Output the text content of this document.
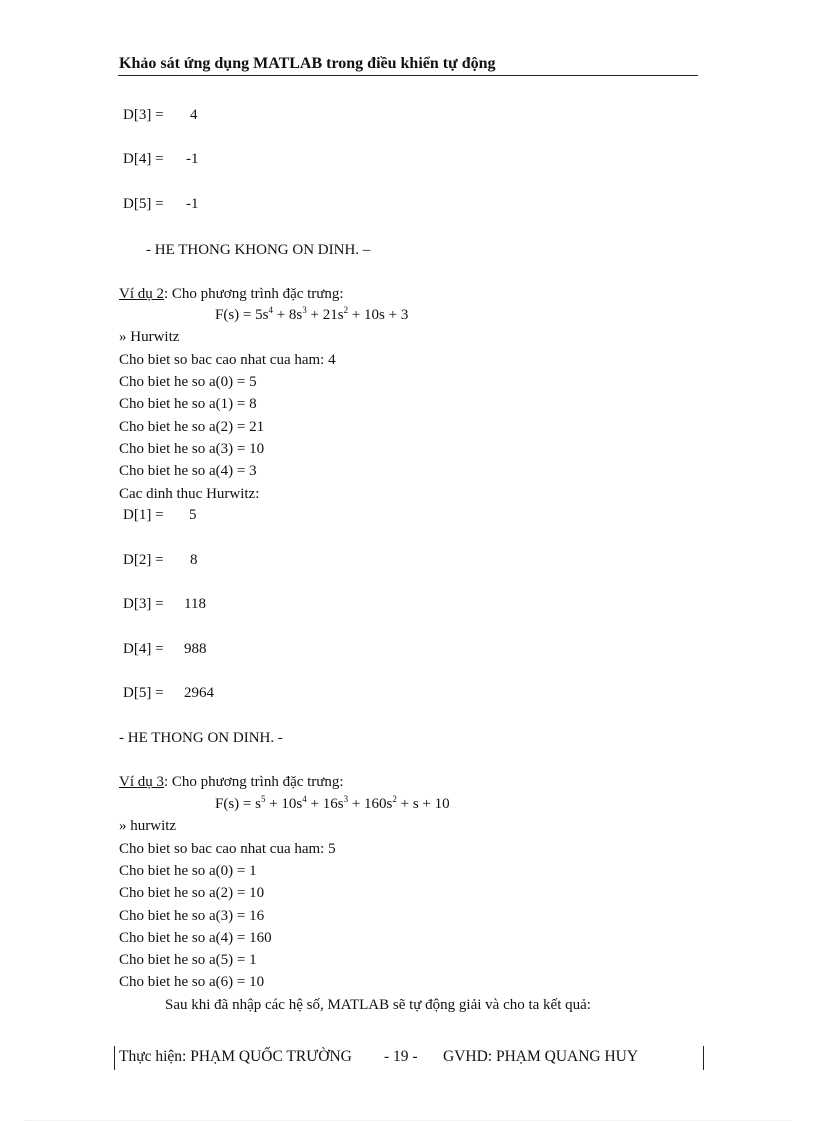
Khảo sát ứng dụng MATLAB trong điều khiển tự động
D[3] = 4
D[4] = -1
D[5] = -1
- HE THONG KHONG ON DINH. –
Ví dụ 2: Cho phương trình đặc trưng:
$F(s) = 5s^4 + 8s^3 + 21s^2 + 10s + 3$
» Hurwitz
Cho biet so bac cao nhat cua ham: 4
Cho biet he so a(0) = 5
Cho biet he so a(1) = 8
Cho biet he so a(2) = 21
Cho biet he so a(3) = 10
Cho biet he so a(4) = 3
Cac dinh thuc Hurwitz:
D[1] = 5
D[2] = 8
D[3] = 118
D[4] = 988
D[5] = 2964
- HE THONG ON DINH. -
Ví dụ 3: Cho phương trình đặc trưng:
$F(s) = s^5 + 10s^4 + 16s^3 + 160s^2 + s + 10$
» hurwitz
Cho biet so bac cao nhat cua ham: 5
Cho biet he so a(0) = 1
Cho biet he so a(2) = 10
Cho biet he so a(3) = 16
Cho biet he so a(4) = 160
Cho biet he so a(5) = 1
Cho biet he so a(6) = 10
Sau khi đã nhập các hệ số, MATLAB sẽ tự động giải và cho ta kết quả:
Thực hiện: PHẠM QUỐC TRƯỜNG - 19 - GVHD: PHẠM QUANG HUY
